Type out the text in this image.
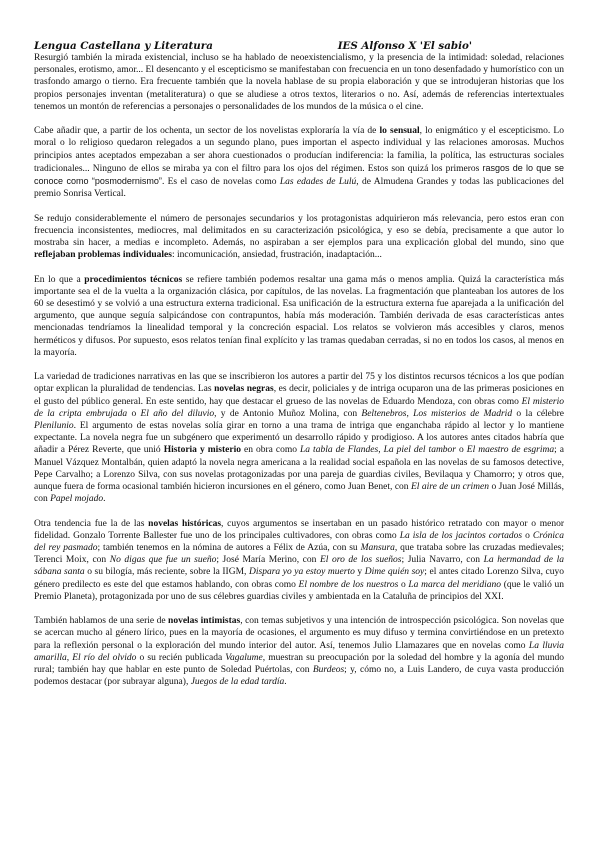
Lengua Castellana y Literatura	IES Alfonso X 'El sabio'

Resurgió también la mirada existencial, incluso se ha hablado de neoexistencialismo, y la presencia de la intimidad: soledad, relaciones personales, erotismo, amor... El desencanto y el escepticismo se manifestaban con frecuencia en un tono desenfadado y humorístico con un trasfondo amargo o tierno. Era frecuente también que la novela hablase de su propia elaboración y que se introdujeran historias que los propios personajes inventan (metaliteratura) o que se aludiese a otros textos, literarios o no. Así, además de referencias intertextuales tenemos un montón de referencias a personajes o personalidades de los mundos de la música o el cine.

Cabe añadir que, a partir de los ochenta, un sector de los novelistas exploraría la vía de lo sensual, lo enigmático y el escepticismo. Lo moral o lo religioso quedaron relegados a un segundo plano, pues importan el aspecto individual y las relaciones amorosas. Muchos principios antes aceptados empezaban a ser ahora cuestionados o producían indiferencia: la familia, la política, las estructuras sociales tradicionales... Ninguno de ellos se miraba ya con el filtro para los ojos del régimen. Estos son quizá los primeros rasgos de lo que se conoce como “posmodernismo”. Es el caso de novelas como Las edades de Lulú, de Almudena Grandes y todas las publicaciones del premio Sonrisa Vertical.

Se redujo considerablemente el número de personajes secundarios y los protagonistas adquirieron más relevancia, pero estos eran con frecuencia inconsistentes, mediocres, mal delimitados en su caracterización psicológica, y eso se debía, precisamente a que autor lo mostraba sin hacer, a medias e incompleto. Además, no aspiraban a ser ejemplos para una explicación global del mundo, sino que reflejaban problemas individuales: incomunicación, ansiedad, frustración, inadaptación...

En lo que a procedimientos técnicos se refiere también podemos resaltar una gama más o menos amplia. Quizá la característica más importante sea el de la vuelta a la organización clásica, por capítulos, de las novelas. La fragmentación que planteaban los autores de los 60 se desestimó y se volvió a una estructura externa tradicional. Esa unificación de la estructura externa fue aparejada a la unificación del argumento, que aunque seguía salpicándose con contrapuntos, había más moderación. También derivada de esas características antes mencionadas tendríamos la linealidad temporal y la concreción espacial. Los relatos se volvieron más accesibles y claros, menos herméticos y difusos. Por supuesto, esos relatos tenían final explícito y las tramas quedaban cerradas, si no en todos los casos, al menos en la mayoría.

La variedad de tradiciones narrativas en las que se inscribieron los autores a partir del 75 y los distintos recursos técnicos a los que podían optar explican la pluralidad de tendencias. Las novelas negras, es decir, policiales y de intriga ocuparon una de las primeras posiciones en el gusto del público general. En este sentido, hay que destacar el grueso de las novelas de Eduardo Mendoza, con obras como El misterio de la cripta embrujada o El año del diluvio, y de Antonio Muñoz Molina, con Beltenebros, Los misterios de Madrid o la célebre Plenilunio. El argumento de estas novelas solía girar en torno a una trama de intriga que enganchaba rápido al lector y lo mantiene expectante. La novela negra fue un subgénero que experimentó un desarrollo rápido y prodigioso. A los autores antes citados habría que añadir a Pérez Reverte, que unió Historia y misterio en obra como La tabla de Flandes, La piel del tambor o El maestro de esgrima; a Manuel Vázquez Montalbán, quien adaptó la novela negra americana a la realidad social española en las novelas de su famosos detective, Pepe Carvalho; a Lorenzo Silva, con sus novelas protagonizadas por una pareja de guardias civiles, Bevilaqua y Chamorro; y otros que, aunque fuera de forma ocasional también hicieron incursiones en el género, como Juan Benet, con El aire de un crimen o Juan José Millás, con Papel mojado.

Otra tendencia fue la de las novelas históricas, cuyos argumentos se insertaban en un pasado histórico retratado con mayor o menor fidelidad. Gonzalo Torrente Ballester fue uno de los principales cultivadores, con obras como La isla de los jacintos cortados o Crónica del rey pasmado; también tenemos en la nómina de autores a Félix de Azúa, con su Mansura, que trataba sobre las cruzadas medievales; Terenci Moix, con No digas que fue un sueño; José María Merino, con El oro de los sueños; Julia Navarro, con La hermandad de la sábana santa o su bilogía, más reciente, sobre la IIGM, Dispara yo ya estoy muerto y Dime quién soy; el antes citado Lorenzo Silva, cuyo género predilecto es este del que estamos hablando, con obras como El nombre de los nuestros o La marca del meridiano (que le valió un Premio Planeta), protagonizada por uno de sus célebres guardias civiles y ambientada en la Cataluña de principios del XXI.

También hablamos de una serie de novelas intimistas, con temas subjetivos y una intención de introspección psicológica. Son novelas que se acercan mucho al género lírico, pues en la mayoría de ocasiones, el argumento es muy difuso y termina convirtiéndose en un pretexto para la reflexión personal o la exploración del mundo interior del autor. Así, tenemos Julio Llamazares que en novelas como La lluvia amarilla, El río del olvido o su recién publicada Vagalume, muestran su preocupación por la soledad del hombre y la agonía del mundo rural; también hay que hablar en este punto de Soledad Puértolas, con Burdeos; y, cómo no, a Luis Landero, de cuya vasta producción podemos destacar (por subrayar alguna), Juegos de la edad tardía.
